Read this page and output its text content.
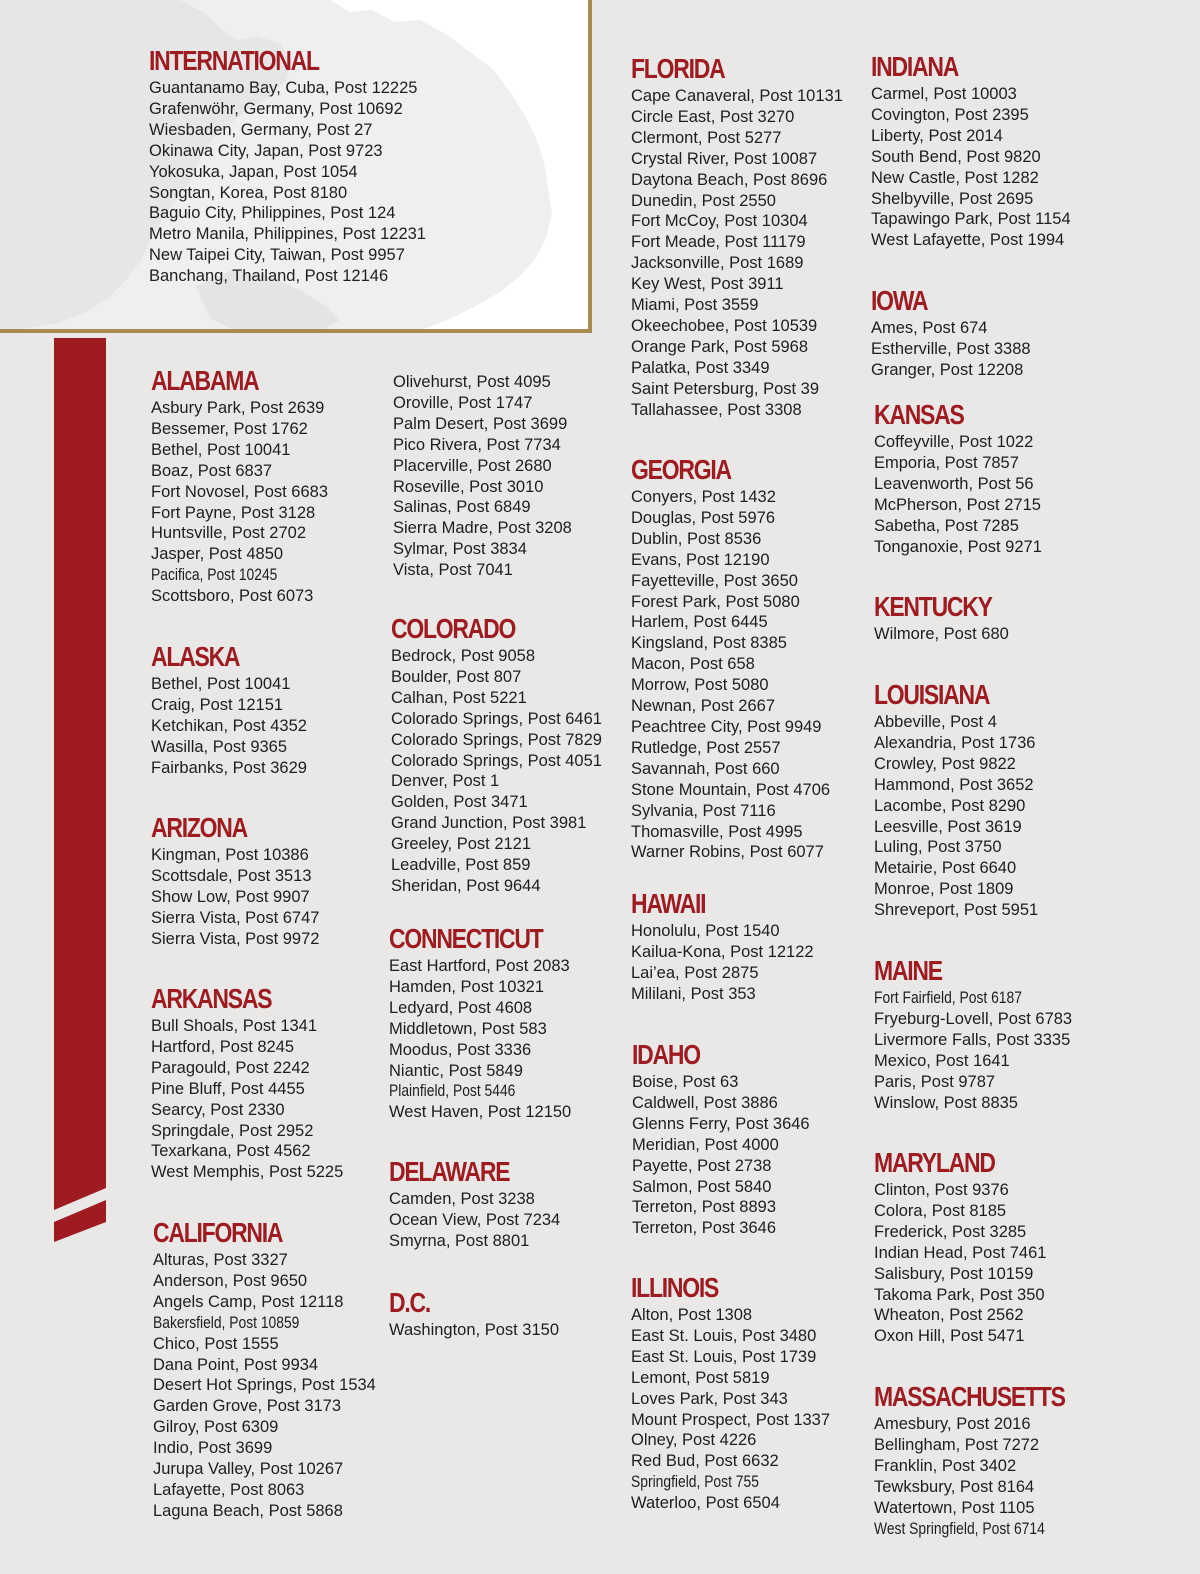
INTERNATIONAL
Guantanamo Bay, Cuba, Post 12225
Grafenwöhr, Germany, Post 10692
Wiesbaden, Germany, Post 27
Okinawa City, Japan, Post 9723
Yokosuka, Japan, Post 1054
Songtan, Korea, Post 8180
Baguio City, Philippines, Post 124
Metro Manila, Philippines, Post 12231
New Taipei City, Taiwan, Post 9957
Banchang, Thailand, Post 12146
ALABAMA
Asbury Park, Post 2639
Bessemer, Post 1762
Bethel, Post 10041
Boaz, Post 6837
Fort Novosel, Post 6683
Fort Payne, Post 3128
Huntsville, Post 2702
Jasper, Post 4850
Pacifica, Post 10245
Scottsboro, Post 6073
ALASKA
Bethel, Post 10041
Craig, Post 12151
Ketchikan, Post 4352
Wasilla, Post 9365
Fairbanks, Post 3629
ARIZONA
Kingman, Post 10386
Scottsdale, Post 3513
Show Low, Post 9907
Sierra Vista, Post 6747
Sierra Vista, Post 9972
ARKANSAS
Bull Shoals, Post 1341
Hartford, Post 8245
Paragould, Post 2242
Pine Bluff, Post 4455
Searcy, Post 2330
Springdale, Post 2952
Texarkana, Post 4562
West Memphis, Post 5225
CALIFORNIA
Alturas, Post 3327
Anderson, Post 9650
Angels Camp, Post 12118
Bakersfield, Post 10859
Chico, Post 1555
Dana Point, Post 9934
Desert Hot Springs, Post 1534
Garden Grove, Post 3173
Gilroy, Post 6309
Indio, Post 3699
Jurupa Valley, Post 10267
Lafayette, Post 8063
Laguna Beach, Post 5868
Olivehurst, Post 4095
Oroville, Post 1747
Palm Desert, Post 3699
Pico Rivera, Post 7734
Placerville, Post 2680
Roseville, Post 3010
Salinas, Post 6849
Sierra Madre, Post 3208
Sylmar, Post 3834
Vista, Post 7041
COLORADO
Bedrock, Post 9058
Boulder, Post 807
Calhan, Post 5221
Colorado Springs, Post 6461
Colorado Springs, Post 7829
Colorado Springs, Post 4051
Denver, Post 1
Golden, Post 3471
Grand Junction, Post 3981
Greeley, Post 2121
Leadville, Post 859
Sheridan, Post 9644
CONNECTICUT
East Hartford, Post 2083
Hamden, Post 10321
Ledyard, Post 4608
Middletown, Post 583
Moodus, Post 3336
Niantic, Post 5849
Plainfield, Post 5446
West Haven, Post 12150
DELAWARE
Camden, Post 3238
Ocean View, Post 7234
Smyrna, Post 8801
D.C.
Washington, Post 3150
FLORIDA
Cape Canaveral, Post 10131
Circle East, Post 3270
Clermont, Post 5277
Crystal River, Post 10087
Daytona Beach, Post 8696
Dunedin, Post 2550
Fort McCoy, Post 10304
Fort Meade, Post 11179
Jacksonville, Post 1689
Key West, Post 3911
Miami, Post 3559
Okeechobee, Post 10539
Orange Park, Post 5968
Palatka, Post 3349
Saint Petersburg, Post 39
Tallahassee, Post 3308
GEORGIA
Conyers, Post 1432
Douglas, Post 5976
Dublin, Post 8536
Evans, Post 12190
Fayetteville, Post 3650
Forest Park, Post 5080
Harlem, Post 6445
Kingsland, Post 8385
Macon, Post 658
Morrow, Post 5080
Newnan, Post 2667
Peachtree City, Post 9949
Rutledge, Post 2557
Savannah, Post 660
Stone Mountain, Post 4706
Sylvania, Post 7116
Thomasville, Post 4995
Warner Robins, Post 6077
HAWAII
Honolulu, Post 1540
Kailua-Kona, Post 12122
Lai’ea, Post 2875
Mililani, Post 353
IDAHO
Boise, Post 63
Caldwell, Post 3886
Glenns Ferry, Post 3646
Meridian, Post 4000
Payette, Post 2738
Salmon, Post 5840
Terreton, Post 8893
Terreton, Post 3646
ILLINOIS
Alton, Post 1308
East St. Louis, Post 3480
East St. Louis, Post 1739
Lemont, Post 5819
Loves Park, Post 343
Mount Prospect, Post 1337
Olney, Post 4226
Red Bud, Post 6632
Springfield, Post 755
Waterloo, Post 6504
INDIANA
Carmel, Post 10003
Covington, Post 2395
Liberty, Post 2014
South Bend, Post 9820
New Castle, Post 1282
Shelbyville, Post 2695
Tapawingo Park, Post 1154
West Lafayette, Post 1994
IOWA
Ames, Post 674
Estherville, Post 3388
Granger, Post 12208
KANSAS
Coffeyville, Post 1022
Emporia, Post 7857
Leavenworth, Post 56
McPherson, Post 2715
Sabetha, Post 7285
Tonganoxie, Post 9271
KENTUCKY
Wilmore, Post 680
LOUISIANA
Abbeville, Post 4
Alexandria, Post 1736
Crowley, Post 9822
Hammond, Post 3652
Lacombe, Post 8290
Leesville, Post 3619
Luling, Post 3750
Metairie, Post 6640
Monroe, Post 1809
Shreveport, Post 5951
MAINE
Fort Fairfield, Post 6187
Fryeburg-Lovell, Post 6783
Livermore Falls, Post 3335
Mexico, Post 1641
Paris, Post 9787
Winslow, Post 8835
MARYLAND
Clinton, Post 9376
Colora, Post 8185
Frederick, Post 3285
Indian Head, Post 7461
Salisbury, Post 10159
Takoma Park, Post 350
Wheaton, Post 2562
Oxon Hill, Post 5471
MASSACHUSETTS
Amesbury, Post 2016
Bellingham, Post 7272
Franklin, Post 3402
Tewksbury, Post 8164
Watertown, Post 1105
West Springfield, Post 6714
